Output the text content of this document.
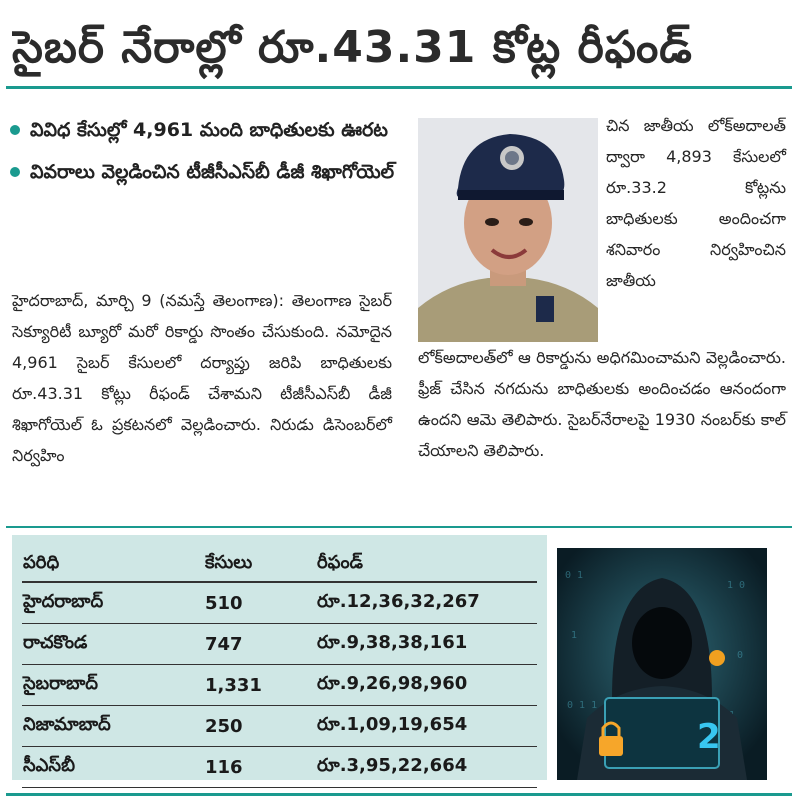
సైబర్ నేరాల్లో రూ.43.31 కోట్ల రీఫండ్
వివిధ కేసుల్లో 4,961 మంది బాధితులకు ఊరట
వివరాలు వెల్లడించిన టీజీసీఎస్‌బీ డీజీ శిఖాగోయెల్

హైదరాబాద్, మార్చి 9 (నమస్తే తెలంగాణ): తెలంగాణ సైబర్ సెక్యూరిటీ బ్యూరో మరో రికార్డు సొంతం చేసుకుంది. నమోదైన 4,961 సైబర్ కేసులలో దర్యాప్తు జరిపి బాధితులకు రూ.43.31 కోట్లు రీఫండ్ చేశామని టీజీసీఎస్‌బీ డీజీ శిఖాగోయెల్ ఓ ప్రకటనలో వెల్లడించారు. నిరుడు డిసెంబర్‌లో నిర్వహిం

చిన జాతీయ లోక్అదాలత్ ద్వారా 4,893 కేసులలో రూ.33.2 కోట్లను బాధితులకు అందించగా శనివారం నిర్వహించిన జాతీయ

లోక్‌అదాలత్‌లో ఆ రికార్డును అధిగమించామని వెల్లడించారు. ఫ్రీజ్ చేసిన నగదును బాధితులకు అందించడం ఆనందంగా ఉందని ఆమె తెలిపారు. సైబర్‌నేరాలపై 1930 నంబర్‌కు కాల్ చేయాలని తెలిపారు.

పరిధి	కేసులు	రీఫండ్
హైదరాబాద్	510	రూ.12,36,32,267
రాచకొండ	747	రూ.9,38,38,161
సైబరాబాద్	1,331	రూ.9,26,98,960
నిజామాబాద్	250	రూ.1,09,19,654
సీఎస్‌బీ	116	రూ.3,95,22,664
0 1
1 0
1
0
0 1 1
2
